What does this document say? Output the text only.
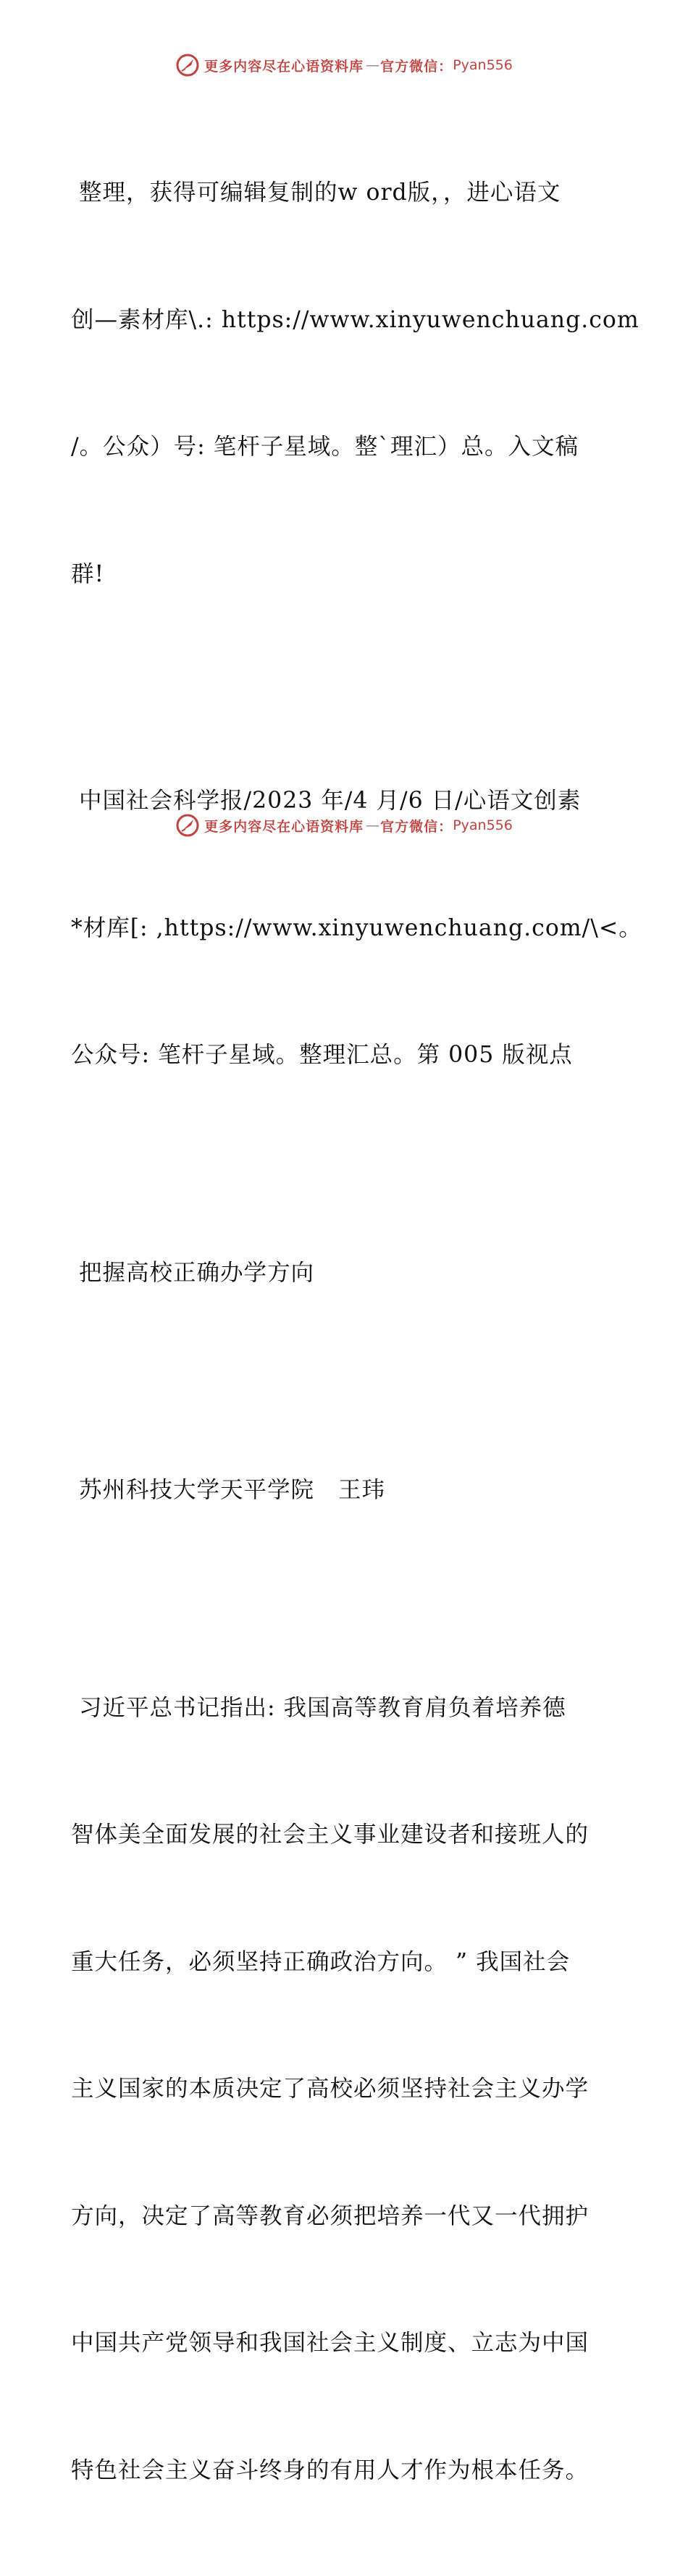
更多内容尽在心语资料库 — 官方微信： Pyan556

整理，获得可编辑复制的w ord版，，进心语文

创—素材库\.: https://www.xinyuwenchuang.com

/。公众）号: 笔杆子星域。整`理汇）总。入文稿

群!

中国社会科学报/2023 年/4 月/6 日/心语文创素

*材库[: ,https://www.xinyuwenchuang.com/\<。

公众号: 笔杆子星域。整理汇总。第 005 版视点

把握高校正确办学方向

苏州科技大学天平学院   王玮

习近平总书记指出: 我国高等教育肩负着培养德

智体美全面发展的社会主义事业建设者和接班人的

重大任务，必须坚持正确政治方向。 ” 我国社会

主义国家的本质决定了高校必须坚持社会主义办学

方向，决定了高等教育必须把培养一代又一代拥护

中国共产党领导和我国社会主义制度、立志为中国

特色社会主义奋斗终身的有用人才作为根本任务。

更多内容尽在心语资料库 — 官方微信： Pyan556
